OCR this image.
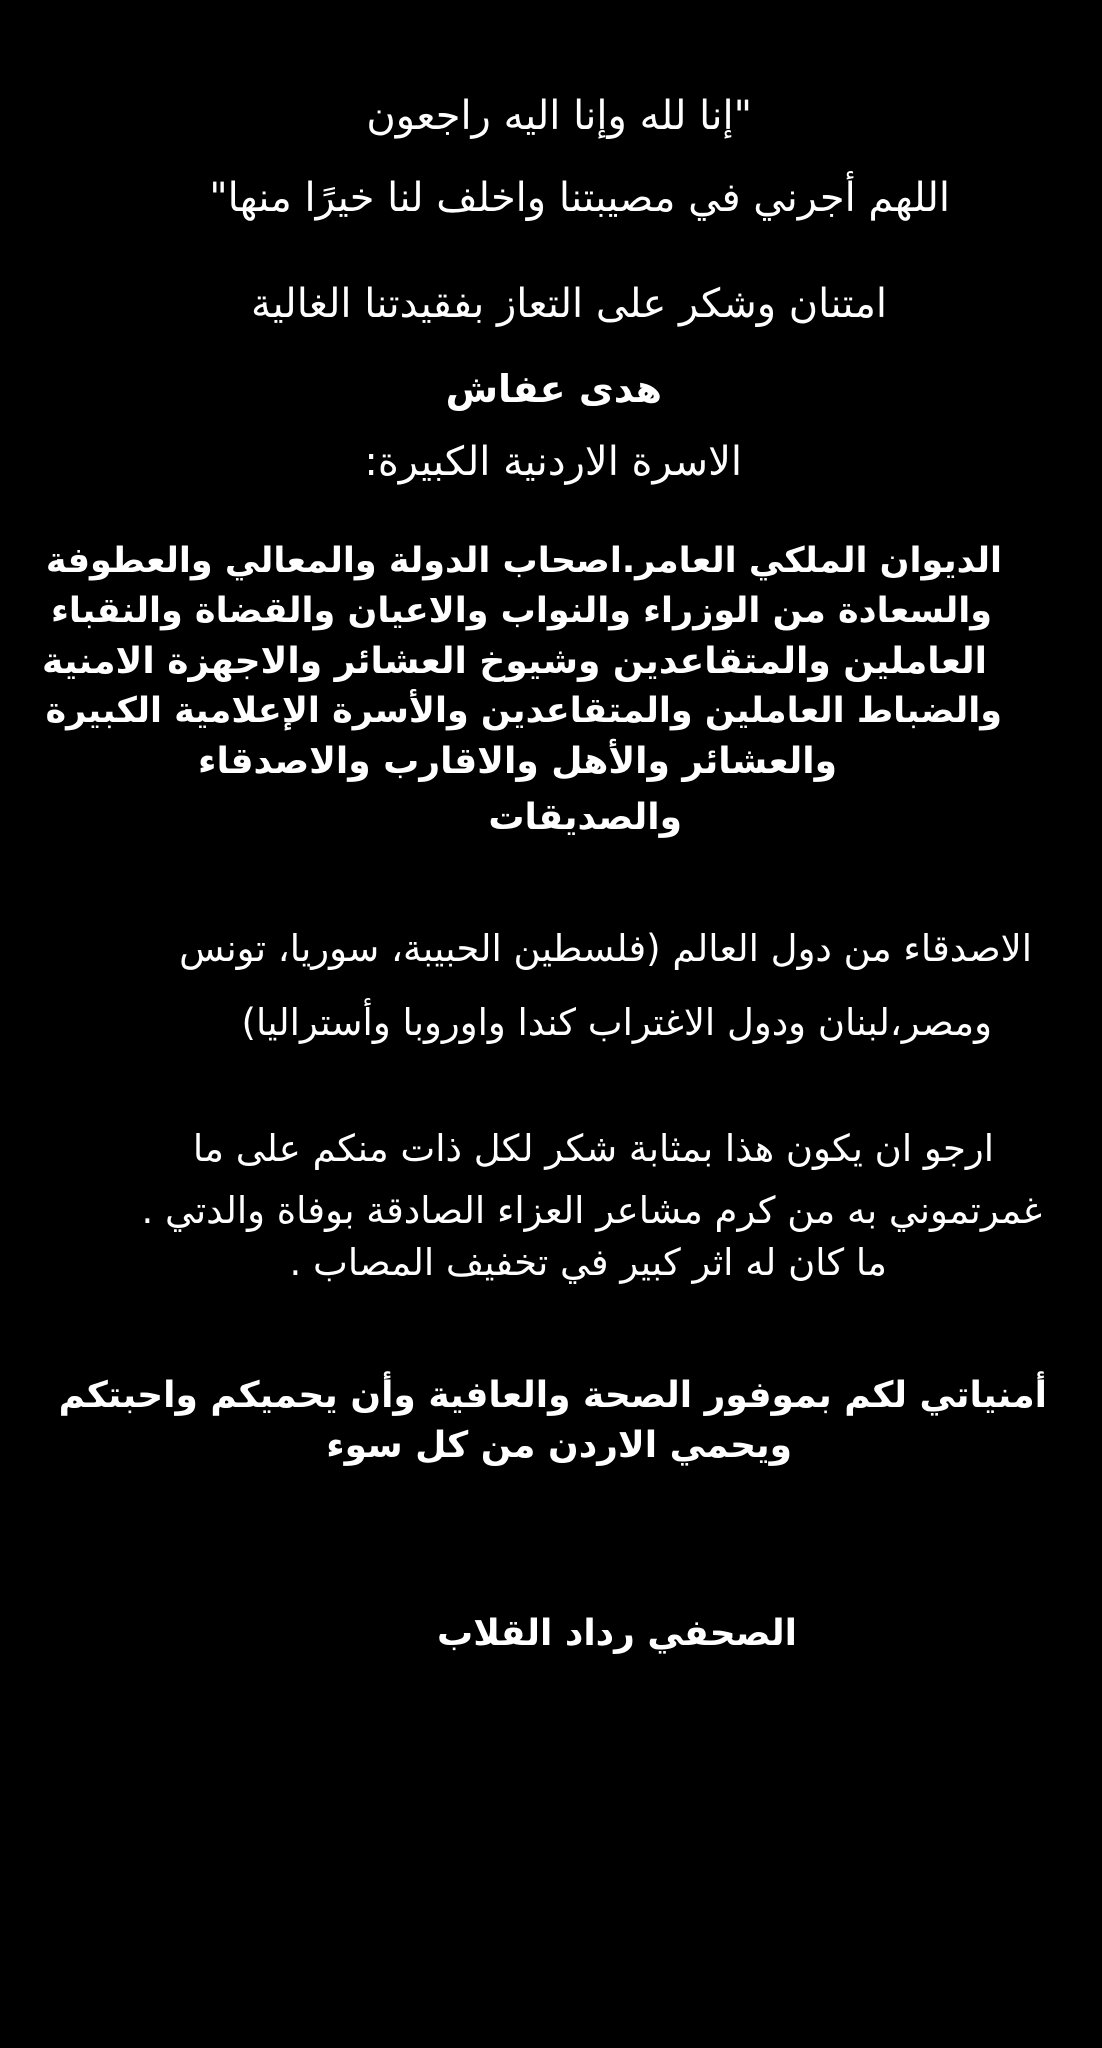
"إنا لله وإنا اليه راجعون
اللهم أجرني في مصيبتنا واخلف لنا خيرًا منها"
امتنان وشكر على التعاز بفقيدتنا الغالية
هدى عفاش
الاسرة الاردنية الكبيرة:
الديوان الملكي العامر.اصحاب الدولة والمعالي والعطوفة
والسعادة من الوزراء والنواب والاعيان والقضاة والنقباء
العاملين والمتقاعدين وشيوخ العشائر والاجهزة الامنية
والضباط العاملين والمتقاعدين والأسرة الإعلامية الكبيرة
والعشائر والأهل والاقارب والاصدقاء
والصديقات
الاصدقاء من دول العالم (فلسطين الحبيبة، سوريا، تونس
ومصر،لبنان ودول الاغتراب كندا واوروبا وأستراليا)
ارجو ان يكون هذا بمثابة شكر لكل ذات منكم على ما
غمرتموني به من كرم مشاعر العزاء الصادقة بوفاة والدتي .
ما كان له اثر كبير في تخفيف المصاب .
أمنياتي لكم بموفور الصحة والعافية وأن يحميكم واحبتكم
ويحمي الاردن من كل سوء
الصحفي رداد القلاب
